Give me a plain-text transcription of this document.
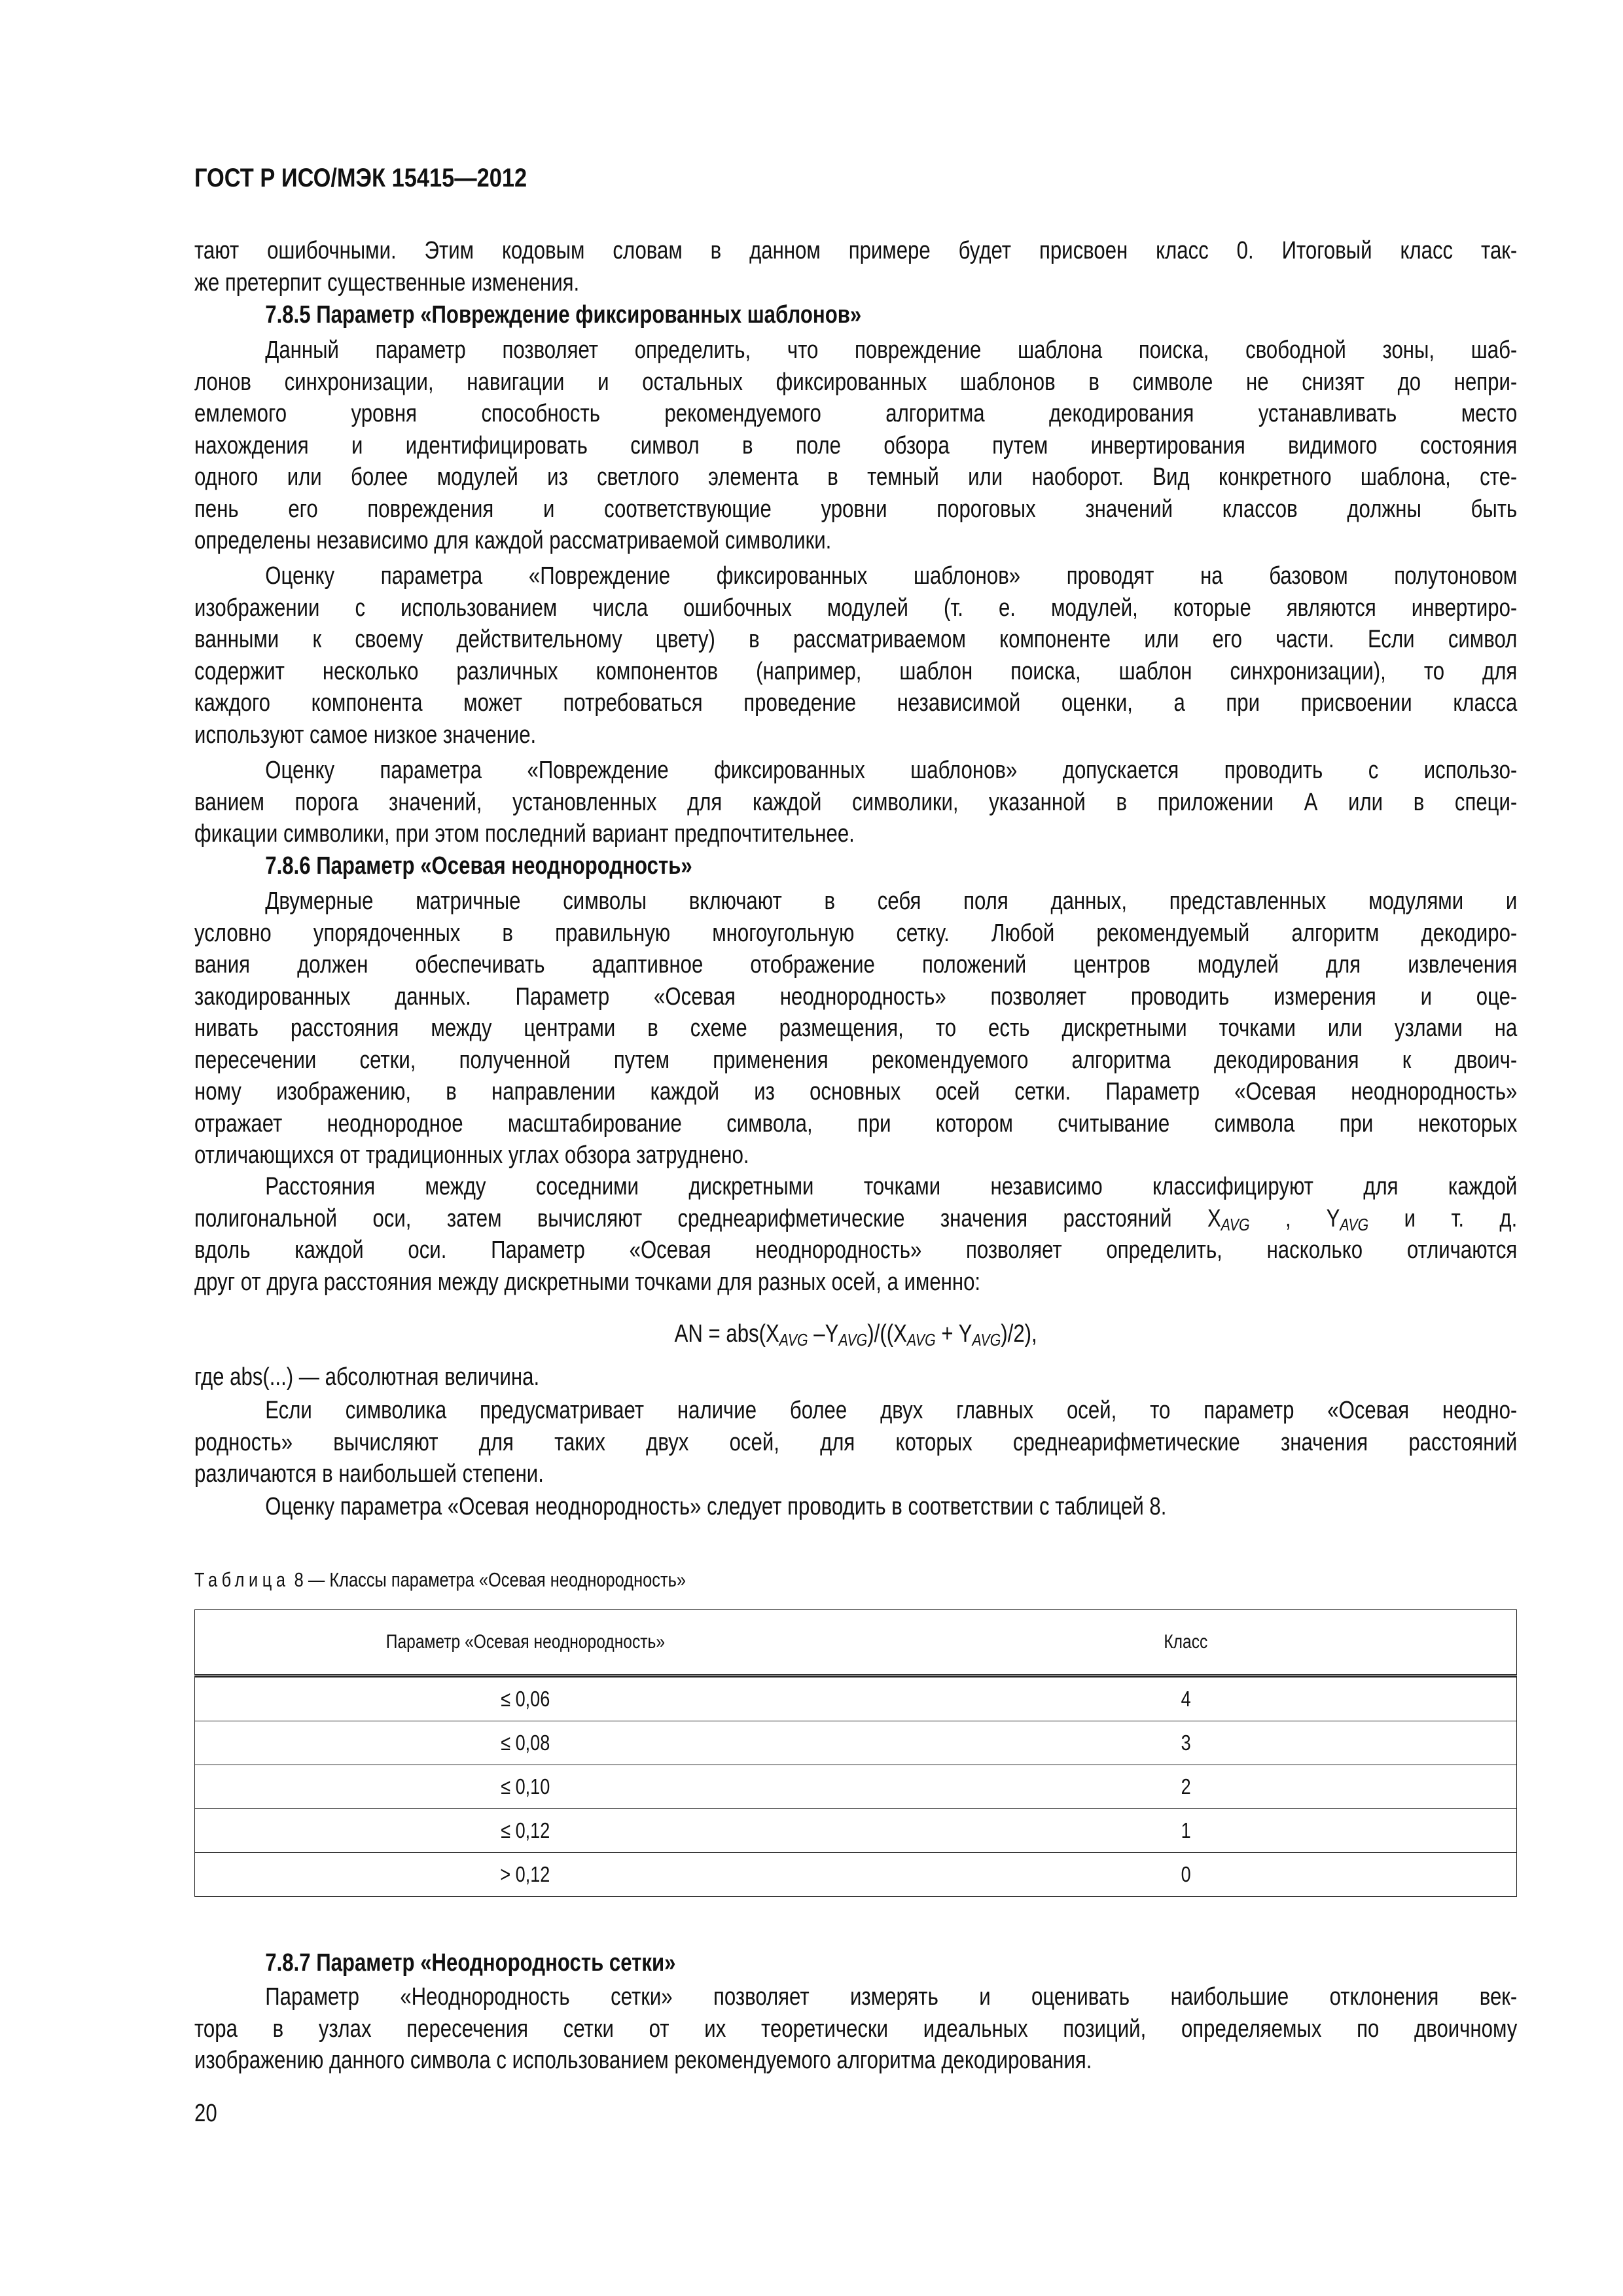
ГОСТ Р ИСО/МЭК 15415—2012
Таблица 8 — Классы параметра «Осевая неоднородность»
тают ошибочными. Этим кодовым словам в данном примере будет присвоен класс 0. Итоговый класс так-
же претерпит существенные изменения.
7.8.5 Параметр «Повреждение фиксированных шаблонов»
Данный параметр позволяет определить, что повреждение шаблона поиска, свободной зоны, шаб-
лонов синхронизации, навигации и остальных фиксированных шаблонов в символе не снизят до непри-
емлемого уровня способность рекомендуемого алгоритма декодирования устанавливать место
нахождения и идентифицировать символ в поле обзора путем инвертирования видимого состояния
одного или более модулей из светлого элемента в темный или наоборот. Вид конкретного шаблона, сте-
пень его повреждения и соответствующие уровни пороговых значений классов должны быть
определены независимо для каждой рассматриваемой символики.
Оценку параметра «Повреждение фиксированных шаблонов» проводят на базовом полутоновом
изображении с использованием числа ошибочных модулей (т. е. модулей, которые являются инвертиро-
ванными к своему действительному цвету) в рассматриваемом компоненте или его части. Если символ
содержит несколько различных компонентов (например, шаблон поиска, шаблон синхронизации), то для
каждого компонента может потребоваться проведение независимой оценки, а при присвоении класса
используют самое низкое значение.
Оценку параметра «Повреждение фиксированных шаблонов» допускается проводить с использо-
ванием порога значений, установленных для каждой символики, указанной в приложении А или в специ-
фикации символики, при этом последний вариант предпочтительнее.
7.8.6 Параметр «Осевая неоднородность»
Двумерные матричные символы включают в себя поля данных, представленных модулями и
условно упорядоченных в правильную многоугольную сетку. Любой рекомендуемый алгоритм декодиро-
вания должен обеспечивать адаптивное отображение положений центров модулей для извлечения
закодированных данных. Параметр «Осевая неоднородность» позволяет проводить измерения и оце-
нивать расстояния между центрами в схеме размещения, то есть дискретными точками или узлами на
пересечении сетки, полученной путем применения рекомендуемого алгоритма декодирования к двоич-
ному изображению, в направлении каждой из основных осей сетки. Параметр «Осевая неоднородность»
отражает неоднородное масштабирование символа, при котором считывание символа при некоторых
отличающихся от традиционных углах обзора затруднено.
Расстояния между соседними дискретными точками независимо классифицируют для каждой
полигональной оси, затем вычисляют среднеарифметические значения расстояний $X_{AVG}$ , $Y_{AVG}$ и т. д.
вдоль каждой оси. Параметр «Осевая неоднородность» позволяет определить, насколько отличаются
друг от друга расстояния между дискретными точками для разных осей, а именно:
AN = $abs(X_{AVG}$ $-Y_{AVG})/((X_{AVG} + Y_{AVG})/2)$,
где abs(...) — абсолютная величина.
Если символика предусматривает наличие более двух главных осей, то параметр «Осевая неодно-
родность» вычисляют для таких двух осей, для которых среднеарифметические значения расстояний
различаются в наибольшей степени.
Оценку параметра «Осевая неоднородность» следует проводить в соответствии с таблицей 8.
7.8.7 Параметр «Неоднородность сетки»
Параметр «Неоднородность сетки» позволяет измерять и оценивать наибольшие отклонения век-
тора в узлах пересечения сетки от их теоретически идеальных позиций, определяемых по двоичному
изображению данного символа с использованием рекомендуемого алгоритма декодирования.
Параметр «Осевая неоднородность»	Класс
≤ 0,06	4
≤ 0,08	3
≤ 0,10	2
≤ 0,12	1
> 0,12	0
20
